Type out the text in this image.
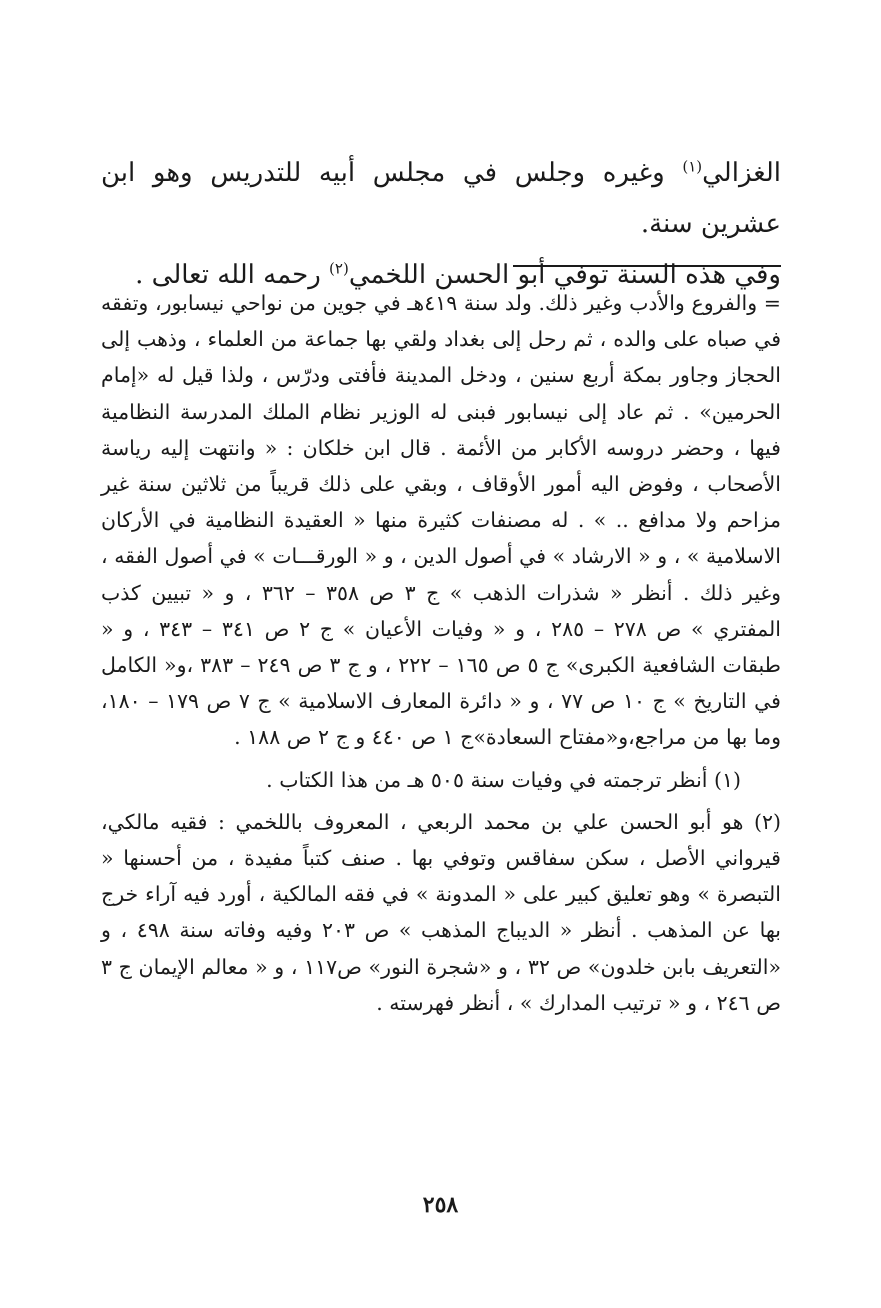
الغزالي$^{(١)}$ وغيره وجلس في مجلس أبيه للتدريس وهو ابن عشرين سنة.

وفي هذه السنة توفي أبو الحسن اللخمي$^{(٢)}$ رحمه الله تعالى .

= والفروع والأدب وغير ذلك. ولد سنة ٤١٩هـ في جوين من نواحي نيسابور، وتفقه في صباه على والده ، ثم رحل إلى بغداد ولقي بها جماعة من العلماء ، وذهب إلى الحجاز وجاور بمكة أربع سنين ، ودخل المدينة فأفتى ودرّس ، ولذا قيل له «إمام الحرمين» . ثم عاد إلى نيسابور فبنى له الوزير نظام الملك المدرسة النظامية فيها ، وحضر دروسه الأكابر من الأئمة . قال ابن خلكان : « وانتهت إليه رياسة الأصحاب ، وفوض اليه أمور الأوقاف ، وبقي على ذلك قريباً من ثلاثين سنة غير مزاحم ولا مدافع .. » . له مصنفات كثيرة منها « العقيدة النظامية في الأركان الاسلامية » ، و « الارشاد » في أصول الدين ، و « الورقـــات » في أصول الفقه ، وغير ذلك . أنظر « شذرات الذهب » ج ٣ ص ٣٥٨ – ٣٦٢ ، و « تبيين كذب المفتري » ص ٢٧٨ – ٢٨٥ ، و « وفيات الأعيان » ج ٢ ص ٣٤١ – ٣٤٣ ، و « طبقات الشافعية الكبرى» ج ٥ ص ١٦٥ – ٢٢٢ ، و ج ٣ ص ٢٤٩ – ٣٨٣ ،و« الكامل في التاريخ » ج ١٠ ص ٧٧ ، و « دائرة المعارف الاسلامية » ج ٧ ص ١٧٩ – ١٨٠، وما بها من مراجع،و«مفتاح السعادة»ج ١ ص ٤٤٠ و ج ٢ ص ١٨٨ .

(١) أنظر ترجمته في وفيات سنة ٥٠٥ هـ من هذا الكتاب .

(٢) هو أبو الحسن علي بن محمد الربعي ، المعروف باللخمي : فقيه مالكي، قيرواني الأصل ، سكن سفاقس وتوفي بها . صنف كتباً مفيدة ، من أحسنها « التبصرة » وهو تعليق كبير على « المدونة » في فقه المالكية ، أورد فيه آراء خرج بها عن المذهب . أنظر « الديباج المذهب » ص ٢٠٣ وفيه وفاته سنة ٤٩٨ ، و «التعريف بابن خلدون» ص ٣٢ ، و «شجرة النور» ص١١٧ ، و « معالم الإيمان ج ٣ ص ٢٤٦ ، و « ترتيب المدارك » ، أنظر فهرسته .

٢٥٨
